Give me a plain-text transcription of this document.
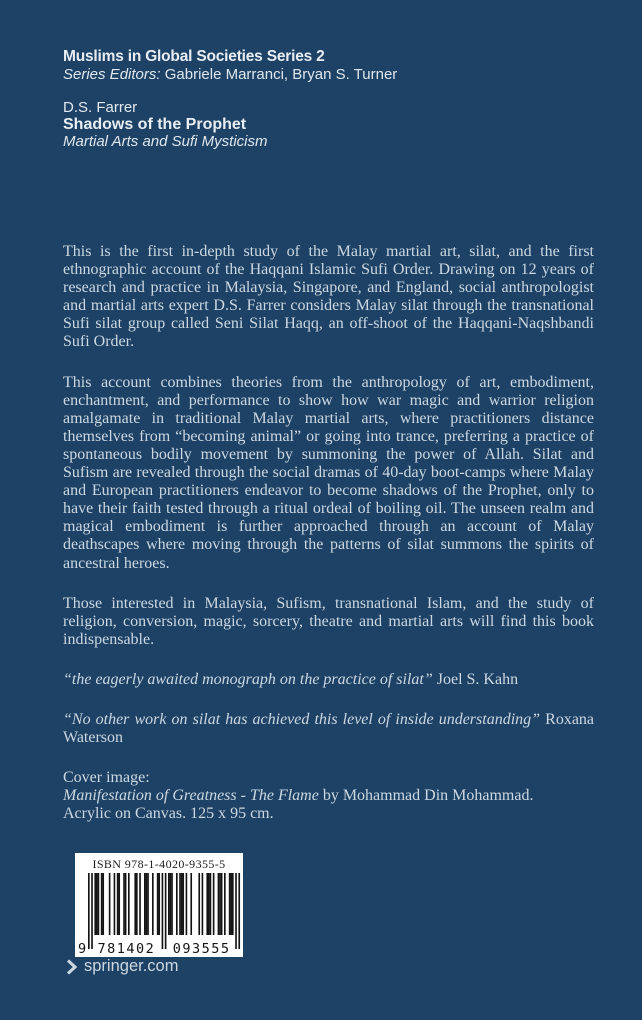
Muslims in Global Societies Series 2
Series Editors: Gabriele Marranci, Bryan S. Turner
D.S. Farrer
Shadows of the Prophet
Martial Arts and Sufi Mysticism

This is the first in-depth study of the Malay martial art, silat, and the first ethnographic account of the Haqqani Islamic Sufi Order. Drawing on 12 years of research and practice in Malaysia, Singapore, and England, social anthropologist and martial arts expert D.S. Farrer considers Malay silat through the transnational Sufi silat group called Seni Silat Haqq, an off-shoot of the Haqqani-Naqshbandi Sufi Order.

This account combines theories from the anthropology of art, embodiment, enchantment, and performance to show how war magic and warrior religion amalgamate in traditional Malay martial arts, where practitioners distance themselves from “becoming animal” or going into trance, preferring a practice of spontaneous bodily movement by summoning the power of Allah. Silat and Sufism are revealed through the social dramas of 40-day boot-camps where Malay and European practitioners endeavor to become shadows of the Prophet, only to have their faith tested through a ritual ordeal of boiling oil. The unseen realm and magical embodiment is further approached through an account of Malay deathscapes where moving through the patterns of silat summons the spirits of ancestral heroes.

Those interested in Malaysia, Sufism, transnational Islam, and the study of religion, conversion, magic, sorcery, theatre and martial arts will find this book indispensable.

“the eagerly awaited monograph on the practice of silat” Joel S. Kahn

“No other work on silat has achieved this level of inside understanding” Roxana Waterson

Cover image:
Manifestation of Greatness - The Flame by Mohammad Din Mohammad.
Acrylic on Canvas. 125 x 95 cm.
ISBN 978-1-4020-9355-5
9 781402 093555
springer.com
